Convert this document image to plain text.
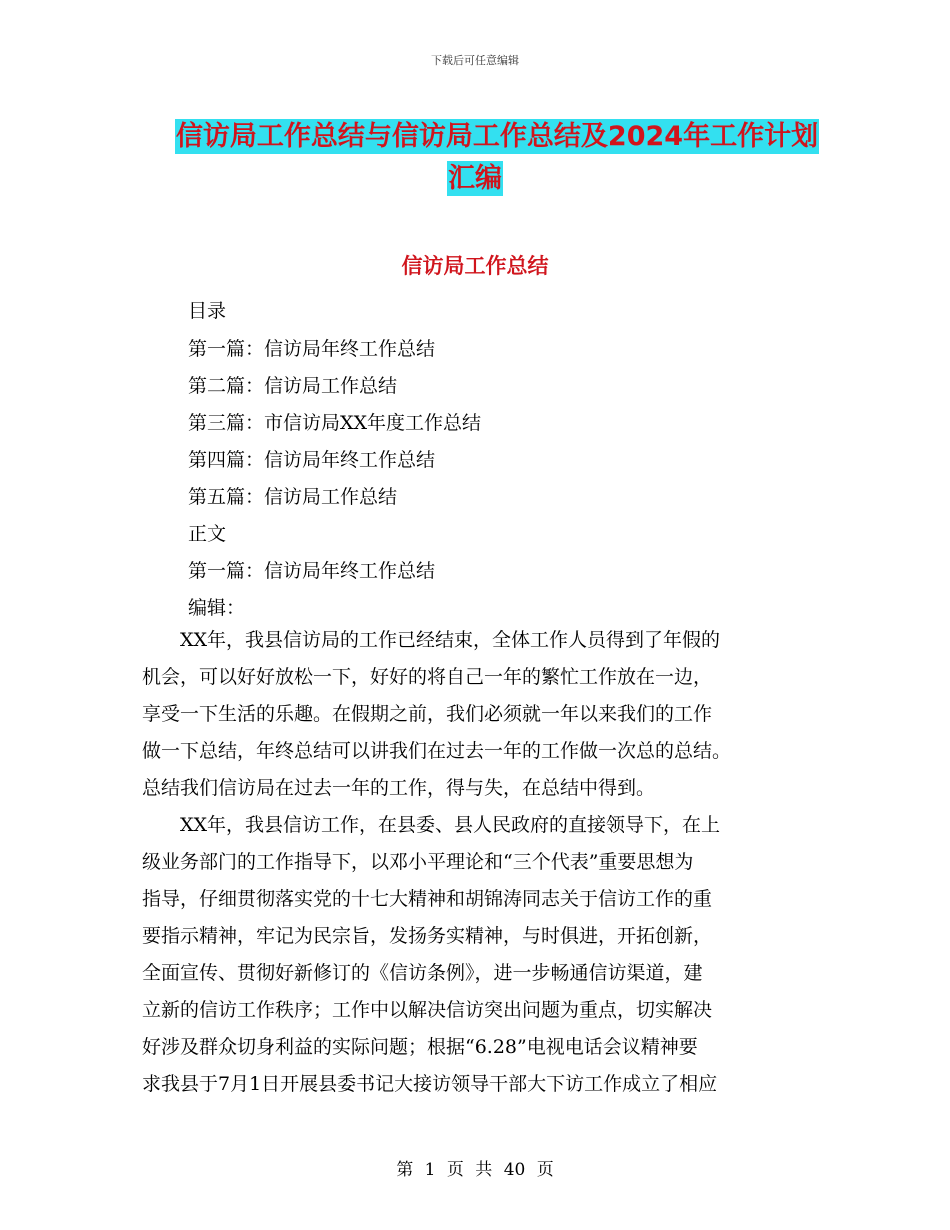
下载后可任意编辑
信访局工作总结与信访局工作总结及2024年工作计划
汇编
信访局工作总结
目录
第一篇：信访局年终工作总结
第二篇：信访局工作总结
第三篇：市信访局XX年度工作总结
第四篇：信访局年终工作总结
第五篇：信访局工作总结
正文
第一篇：信访局年终工作总结
编辑：
　　XX年，我县信访局的工作已经结束，全体工作人员得到了年假的
机会，可以好好放松一下，好好的将自己一年的繁忙工作放在一边，
享受一下生活的乐趣。在假期之前，我们必须就一年以来我们的工作
做一下总结，年终总结可以讲我们在过去一年的工作做一次总的总结。
总结我们信访局在过去一年的工作，得与失，在总结中得到。
　　XX年，我县信访工作，在县委、县人民政府的直接领导下，在上
级业务部门的工作指导下，以邓小平理论和“三个代表”重要思想为
指导，仔细贯彻落实党的十七大精神和胡锦涛同志关于信访工作的重
要指示精神，牢记为民宗旨，发扬务实精神，与时俱进，开拓创新，
全面宣传、贯彻好新修订的《信访条例》，进一步畅通信访渠道，建
立新的信访工作秩序；工作中以解决信访突出问题为重点，切实解决
好涉及群众切身利益的实际问题；根据“6.28”电视电话会议精神要
求我县于7月1日开展县委书记大接访领导干部大下访工作成立了相应
第 1 页 共 40 页
